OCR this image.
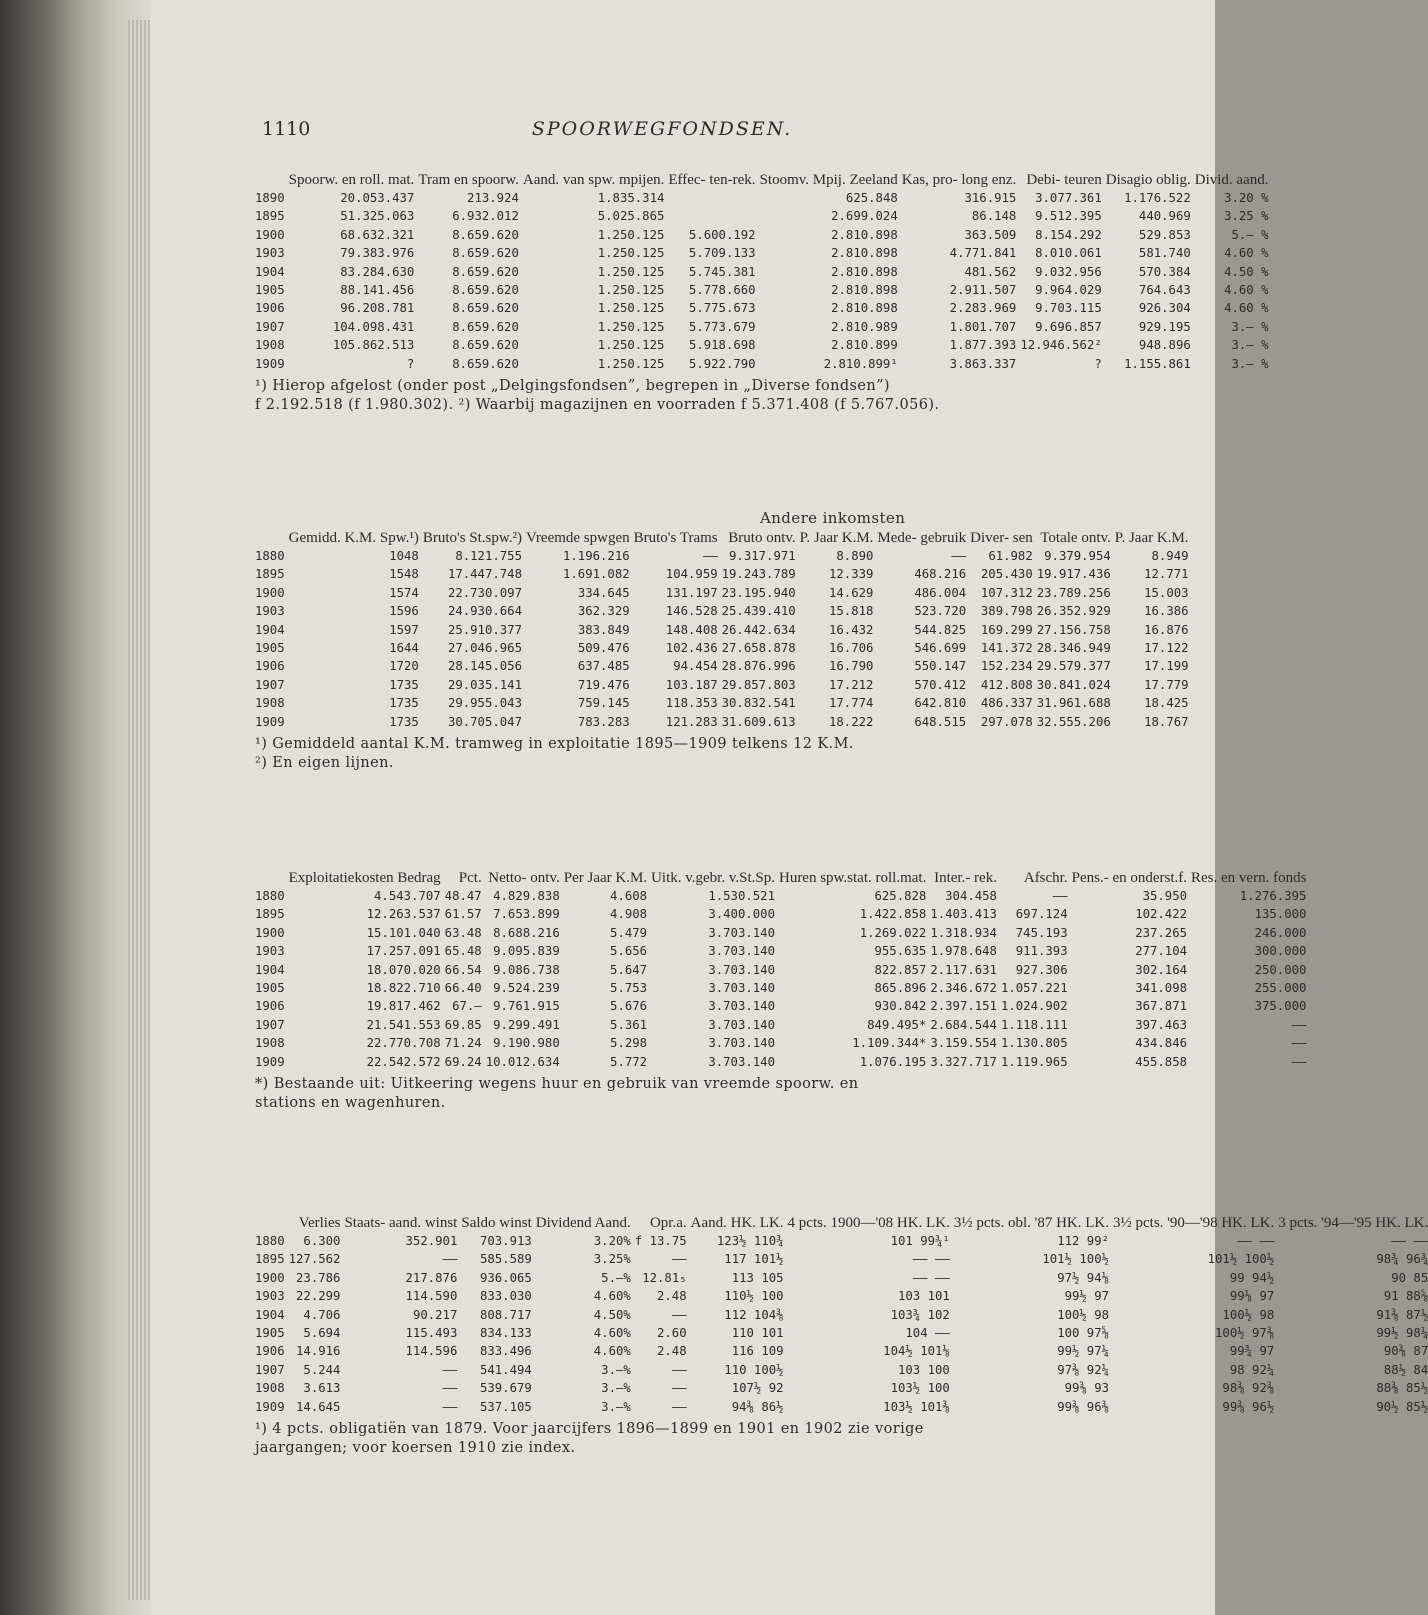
1110	SPOORWEGFONDSEN.
	Spoorw. en roll. mat.	Tram en spoorw.	Aand. van spw. mpijen.	Effec- ten-rek.	Stoomv. Mpij. Zeeland	Kas, pro- long enz.	Debi- teuren	Disagio oblig.	Divid. aand.
1890	20.053.437	213.924	1.835.314		625.848	316.915	3.077.361	1.176.522	3.20 %
1895	51.325.063	6.932.012	5.025.865		2.699.024	86.148	9.512.395	440.969	3.25 %
1900	68.632.321	8.659.620	1.250.125	5.600.192	2.810.898	363.509	8.154.292	529.853	5.— %
1903	79.383.976	8.659.620	1.250.125	5.709.133	2.810.898	4.771.841	8.010.061	581.740	4.60 %
1904	83.284.630	8.659.620	1.250.125	5.745.381	2.810.898	481.562	9.032.956	570.384	4.50 %
1905	88.141.456	8.659.620	1.250.125	5.778.660	2.810.898	2.911.507	9.964.029	764.643	4.60 %
1906	96.208.781	8.659.620	1.250.125	5.775.673	2.810.898	2.283.969	9.703.115	926.304	4.60 %
1907	104.098.431	8.659.620	1.250.125	5.773.679	2.810.989	1.801.707	9.696.857	929.195	3.— %
1908	105.862.513	8.659.620	1.250.125	5.918.698	2.810.899	1.877.393	12.946.562²	948.896	3.— %
1909	?	8.659.620	1.250.125	5.922.790	2.810.899¹	3.863.337	?	1.155.861	3.— %

¹) Hierop afgelost (onder post „Delgingsfondsen”, begrepen in „Diverse fondsen”)

f 2.192.518 (f 1.980.302). ²) Waarbij magazijnen en voorraden f 5.371.408 (f 5.767.056).

Andere inkomsten
	Gemidd. K.M. Spw.¹)	Bruto's St.spw.²)	Vreemde spwgen	Bruto's Trams	Bruto ontv.	P. Jaar K.M.	Mede- gebruik	Diver- sen	Totale ontv.	P. Jaar K.M.
1880	1048	8.121.755	1.196.216	——	9.317.971	8.890	——	61.982	9.379.954	8.949
1895	1548	17.447.748	1.691.082	104.959	19.243.789	12.339	468.216	205.430	19.917.436	12.771
1900	1574	22.730.097	334.645	131.197	23.195.940	14.629	486.004	107.312	23.789.256	15.003
1903	1596	24.930.664	362.329	146.528	25.439.410	15.818	523.720	389.798	26.352.929	16.386
1904	1597	25.910.377	383.849	148.408	26.442.634	16.432	544.825	169.299	27.156.758	16.876
1905	1644	27.046.965	509.476	102.436	27.658.878	16.706	546.699	141.372	28.346.949	17.122
1906	1720	28.145.056	637.485	94.454	28.876.996	16.790	550.147	152.234	29.579.377	17.199
1907	1735	29.035.141	719.476	103.187	29.857.803	17.212	570.412	412.808	30.841.024	17.779
1908	1735	29.955.043	759.145	118.353	30.832.541	17.774	642.810	486.337	31.961.688	18.425
1909	1735	30.705.047	783.283	121.283	31.609.613	18.222	648.515	297.078	32.555.206	18.767

¹) Gemiddeld aantal K.M. tramweg in exploitatie 1895—1909 telkens 12 K.M.

²) En eigen lijnen.

	Exploitatiekosten Bedrag	Pct.	Netto- ontv.	Per Jaar K.M.	Uitk. v.gebr. v.St.Sp.	Huren spw.stat. roll.mat.	Inter.- rek.	Afschr.	Pens.- en onderst.f.	Res. en vern. fonds
1880	4.543.707	48.47	4.829.838	4.608	1.530.521	625.828	304.458	——	35.950	1.276.395
1895	12.263.537	61.57	7.653.899	4.908	3.400.000	1.422.858	1.403.413	697.124	102.422	135.000
1900	15.101.040	63.48	8.688.216	5.479	3.703.140	1.269.022	1.318.934	745.193	237.265	246.000
1903	17.257.091	65.48	9.095.839	5.656	3.703.140	955.635	1.978.648	911.393	277.104	300.000
1904	18.070.020	66.54	9.086.738	5.647	3.703.140	822.857	2.117.631	927.306	302.164	250.000
1905	18.822.710	66.40	9.524.239	5.753	3.703.140	865.896	2.346.672	1.057.221	341.098	255.000
1906	19.817.462	67.—	9.761.915	5.676	3.703.140	930.842	2.397.151	1.024.902	367.871	375.000
1907	21.541.553	69.85	9.299.491	5.361	3.703.140	849.495*	2.684.544	1.118.111	397.463	——
1908	22.770.708	71.24	9.190.980	5.298	3.703.140	1.109.344*	3.159.554	1.130.805	434.846	——
1909	22.542.572	69.24	10.012.634	5.772	3.703.140	1.076.195	3.327.717	1.119.965	455.858	——

*) Bestaande uit: Uitkeering wegens huur en gebruik van vreemde spoorw. en

stations en wagenhuren.

	Verlies	Staats- aand. winst	Saldo winst	Dividend Aand.	Opr.a.	Aand. HK. LK.	4 pcts. 1900—'08 HK. LK.	3½ pcts. obl. '87 HK. LK.	3½ pcts. '90—'98 HK. LK.	3 pcts. '94—'95 HK. LK.
1880	6.300	352.901	703.913	3.20%	f 13.75	123½ 110¾	101 99¾¹	112 99²	—— ——	—— ——
1895	127.562	——	585.589	3.25%	——	117 101½	—— ——	101½ 100½	101½ 100½	98¾ 96¾
1900	23.786	217.876	936.065	5.—%	12.81₅	113 105	—— ——	97½ 94⅛	99 94½	90 85
1903	22.299	114.590	833.030	4.60%	2.48	110½ 100	103 101	99½ 97	99⅛ 97	91 88⅝
1904	4.706	90.217	808.717	4.50%	——	112 104⅜	103¾ 102	100½ 98	100½ 98	91⅜ 87½
1905	5.694	115.493	834.133	4.60%	2.60	110 101	104 ——	100 97⅝	100½ 97⅜	99½ 98¼
1906	14.916	114.596	833.496	4.60%	2.48	116 109	104½ 101⅛	99½ 97¼	99¾ 97	90⅜ 87
1907	5.244	——	541.494	3.—%	——	110 100½	103 100	97⅜ 92¼	98 92¼	88½ 84
1908	3.613	——	539.679	3.—%	——	107½ 92	103½ 100	99⅜ 93	98⅜ 92⅜	88⅜ 85½
1909	14.645	——	537.105	3.—%	——	94⅜ 86½	103½ 101⅜	99⅜ 96⅜	99⅜ 96½	90½ 85½

¹) 4 pcts. obligatiën van 1879. Voor jaarcijfers 1896—1899 en 1901 en 1902 zie vorige

jaargangen; voor koersen 1910 zie index.
